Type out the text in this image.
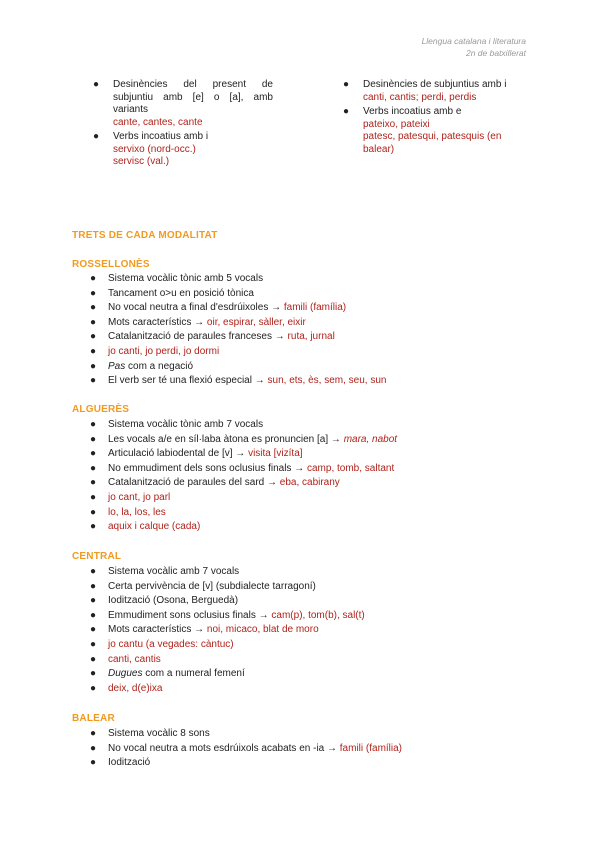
Llengua catalana i literatura
2n de batxillerat
● Desinències del present de subjuntiu amb [e] o [a], amb variants
cante, cantes, cante
● Verbs incoatius amb i
servixo (nord-occ.)
servisc (val.)
● Desinències de subjuntius amb i
canti, cantis; perdi, perdis
● Verbs incoatius amb e
pateixo, pateixi
patesc, patesqui, patesquis (en balear)
TRETS DE CADA MODALITAT
ROSSELLONÈS
● Sistema vocàlic tònic amb 5 vocals
● Tancament o>u en posició tònica
● No vocal neutra a final d'esdrúixoles → famili (família)
● Mots característics → oir, espirar, sàller, eixir
● Catalanització de paraules franceses → ruta, jurnal
● jo canti, jo perdi, jo dormi
● Pas com a negació
● El verb ser té una flexió especial → sun, ets, ès, sem, seu, sun
ALGUERÈS
● Sistema vocàlic tònic amb 7 vocals
● Les vocals a/e en síl·laba àtona es pronuncien [a] → mara, nabot
● Articulació labiodental de [v] → visita [vizíta]
● No emmudiment dels sons oclusius finals → camp, tomb, saltant
● Catalanització de paraules del sard → eba, cabirany
● jo cant, jo parl
● lo, la, los, les
● aquix i calque (cada)
CENTRAL
● Sistema vocàlic amb 7 vocals
● Certa pervivència de [v] (subdialecte tarragoní)
● Iodització (Osona, Berguedà)
● Emmudiment sons oclusius finals → cam(p), tom(b), sal(t)
● Mots característics → noi, micaco, blat de moro
● jo cantu (a vegades: càntuc)
● canti, cantis
● Dugues com a numeral femení
● deix, d(e)ixa
BALEAR
● Sistema vocàlic 8 sons
● No vocal neutra a mots esdrúixols acabats en -ia → famili (família)
● Iodització
